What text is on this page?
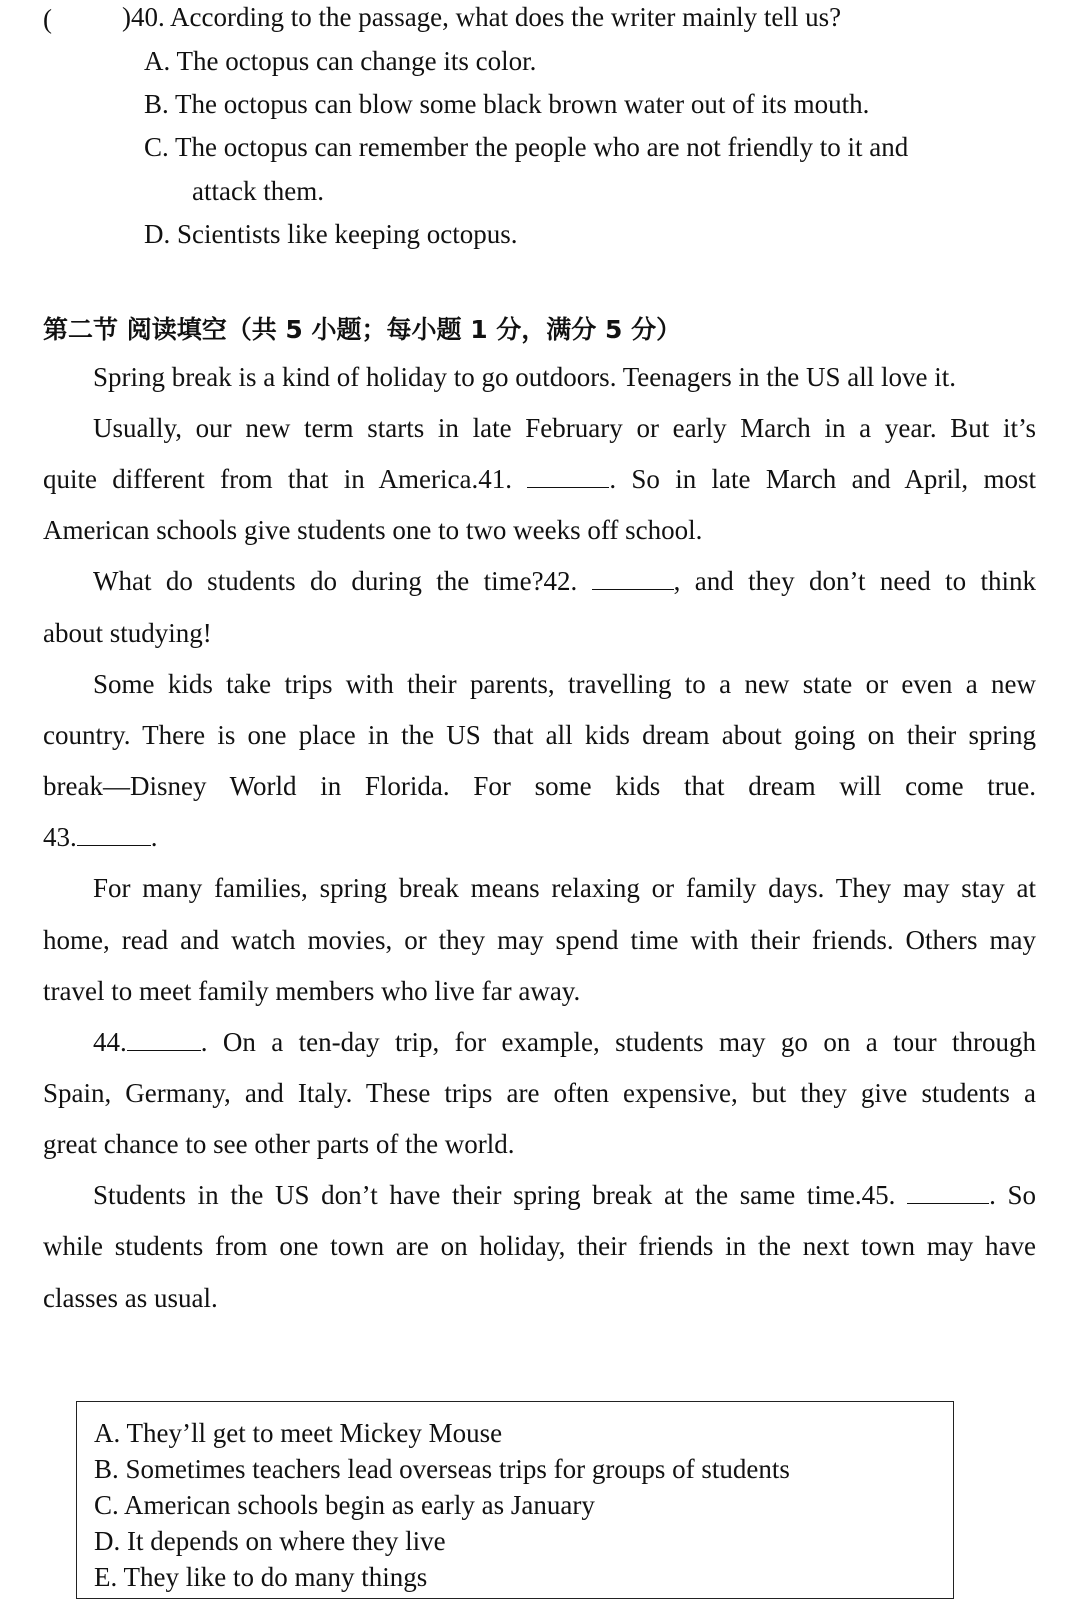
(	)40. According to the passage, what does the writer mainly tell us?
A. The octopus can change its color.
B. The octopus can blow some black brown water out of its mouth.
C. The octopus can remember the people who are not friendly to it and
attack them.
D. Scientists like keeping octopus.
第二节 阅读填空（共 5 小题；每小题 1 分，满分 5 分）
Spring break is a kind of holiday to go outdoors. Teenagers in the US all love it.
Usually, our new term starts in late February or early March in a year. But it’s
quite different from that in America.41.	. So in late March and April, most
American schools give students one to two weeks off school.
What do students do during the time?42.	, and they don’t need to think
about studying!
Some kids take trips with their parents, travelling to a new state or even a new
country. There is one place in the US that all kids dream about going on their spring
break—Disney World in Florida. For some kids that dream will come true.
43.	.
For many families, spring break means relaxing or family days. They may stay at
home, read and watch movies, or they may spend time with their friends. Others may
travel to meet family members who live far away.
44.	. On a ten-day trip, for example, students may go on a tour through
Spain, Germany, and Italy. These trips are often expensive, but they give students a
great chance to see other parts of the world.
Students in the US don’t have their spring break at the same time.45.	. So
while students from one town are on holiday, their friends in the next town may have
classes as usual.
A. They’ll get to meet Mickey Mouse
B. Sometimes teachers lead overseas trips for groups of students
C. American schools begin as early as January
D. It depends on where they live
E. They like to do many things
